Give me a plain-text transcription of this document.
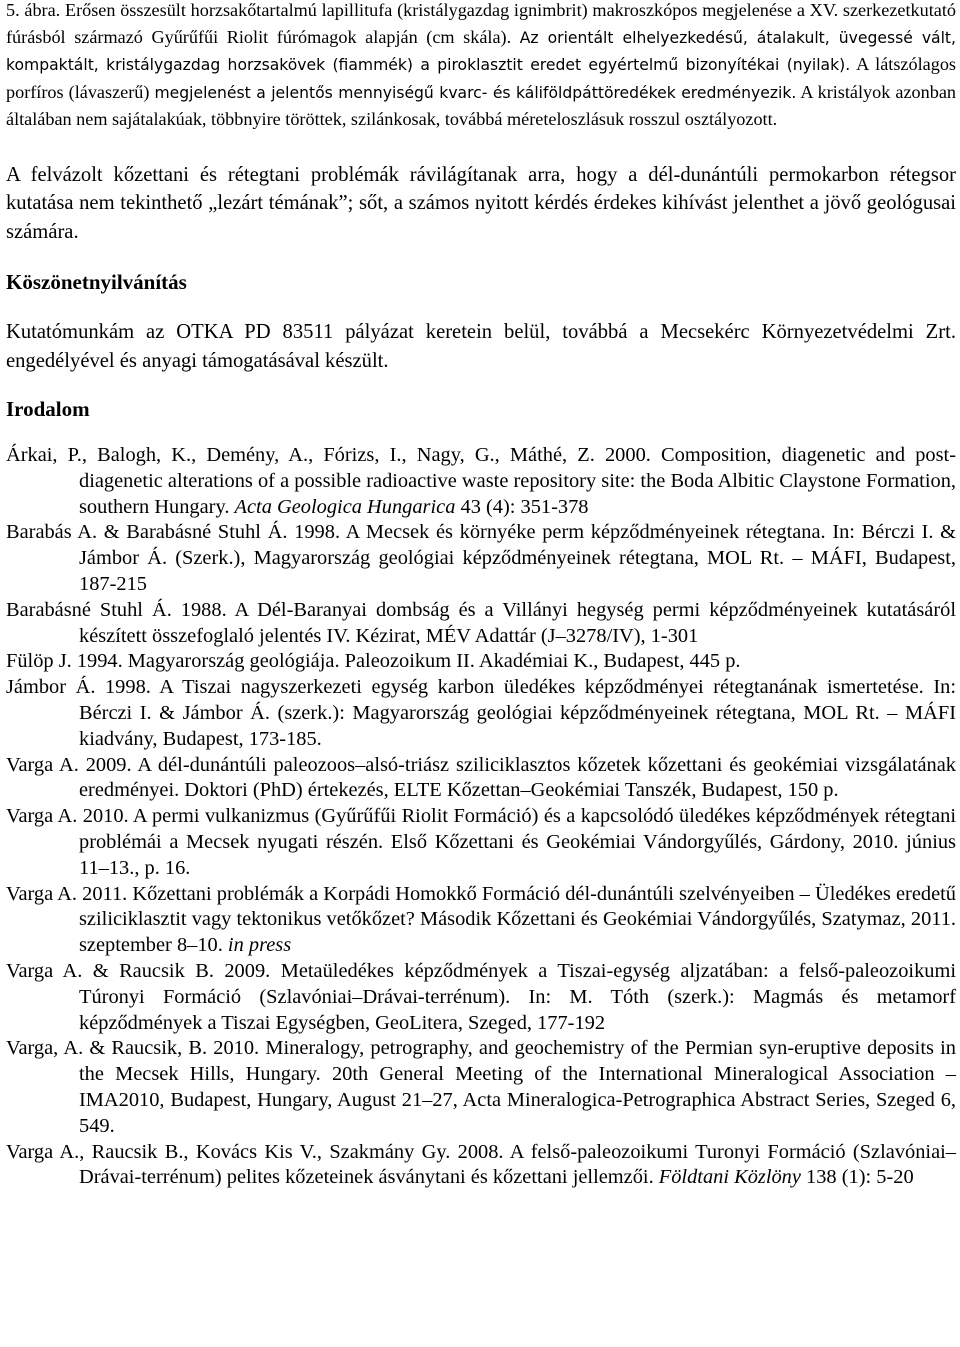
5. ábra. Erősen összesült horzsakőtartalmú lapillitufa (kristálygazdag ignimbrit) makroszkópos megjelenése a XV. szerkezetkutató fúrásból származó Gyűrűfűi Riolit fúrómagok alapján (cm skála). Az orientált elhelyezkedésű, átalakult, üvegessé vált, kompaktált, kristálygazdag horzsakövek (fiammék) a piroklasztit eredet egyértelmű bizonyítékai (nyilak). A látszólagos porfíros (lávaszerű) megjelenést a jelentős mennyiségű kvarc- és káliföldpáttöredékek eredményezik. A kristályok azonban általában nem sajátalakúak, többnyire töröttek, szilánkosak, továbbá méreteloszlásuk rosszul osztályozott.

A felvázolt kőzettani és rétegtani problémák rávilágítanak arra, hogy a dél-dunántúli permokarbon rétegsor kutatása nem tekinthető „lezárt témának”; sőt, a számos nyitott kérdés érdekes kihívást jelenthet a jövő geológusai számára.

Köszönetnyilvánítás

Kutatómunkám az OTKA PD 83511 pályázat keretein belül, továbbá a Mecsekérc Környezetvédelmi Zrt. engedélyével és anyagi támogatásával készült.

Irodalom

Árkai, P., Balogh, K., Demény, A., Fórizs, I., Nagy, G., Máthé, Z. 2000. Composition, diagenetic and post-diagenetic alterations of a possible radioactive waste repository site: the Boda Albitic Claystone Formation, southern Hungary. Acta Geologica Hungarica 43 (4): 351-378

Barabás A. & Barabásné Stuhl Á. 1998. A Mecsek és környéke perm képződményeinek rétegtana. In: Bérczi I. & Jámbor Á. (Szerk.), Magyarország geológiai képződményeinek rétegtana, MOL Rt. – MÁFI, Budapest, 187-215

Barabásné Stuhl Á. 1988. A Dél-Baranyai dombság és a Villányi hegység permi képződményeinek kutatásáról készített összefoglaló jelentés IV. Kézirat, MÉV Adattár (J–3278/IV), 1-301

Fülöp J. 1994. Magyarország geológiája. Paleozoikum II. Akadémiai K., Budapest, 445 p.

Jámbor Á. 1998. A Tiszai nagyszerkezeti egység karbon üledékes képződményei rétegtanának ismertetése. In: Bérczi I. & Jámbor Á. (szerk.): Magyarország geológiai képződményeinek rétegtana, MOL Rt. – MÁFI kiadvány, Budapest, 173-185.

Varga A. 2009. A dél-dunántúli paleozoos–alsó-triász sziliciklasztos kőzetek kőzettani és geokémiai vizsgálatának eredményei. Doktori (PhD) értekezés, ELTE Kőzettan–Geokémiai Tanszék, Budapest, 150 p.

Varga A. 2010. A permi vulkanizmus (Gyűrűfűi Riolit Formáció) és a kapcsolódó üledékes képződmények rétegtani problémái a Mecsek nyugati részén. Első Kőzettani és Geokémiai Vándorgyűlés, Gárdony, 2010. június 11–13., p. 16.

Varga A. 2011. Kőzettani problémák a Korpádi Homokkő Formáció dél-dunántúli szelvényeiben – Üledékes eredetű sziliciklasztit vagy tektonikus vetőkőzet? Második Kőzettani és Geokémiai Vándorgyűlés, Szatymaz, 2011. szeptember 8–10. in press

Varga A. & Raucsik B. 2009. Metaüledékes képződmények a Tiszai-egység aljzatában: a felső-paleozoikumi Túronyi Formáció (Szlavóniai–Drávai-terrénum). In: M. Tóth (szerk.): Magmás és metamorf képződmények a Tiszai Egységben, GeoLitera, Szeged, 177-192

Varga, A. & Raucsik, B. 2010. Mineralogy, petrography, and geochemistry of the Permian syn-eruptive deposits in the Mecsek Hills, Hungary. 20th General Meeting of the International Mineralogical Association – IMA2010, Budapest, Hungary, August 21–27, Acta Mineralogica-Petrographica Abstract Series, Szeged 6, 549.

Varga A., Raucsik B., Kovács Kis V., Szakmány Gy. 2008. A felső-paleozoikumi Turonyi Formáció (Szlavóniai–Drávai-terrénum) pelites kőzeteinek ásványtani és kőzettani jellemzői. Földtani Közlöny 138 (1): 5-20
